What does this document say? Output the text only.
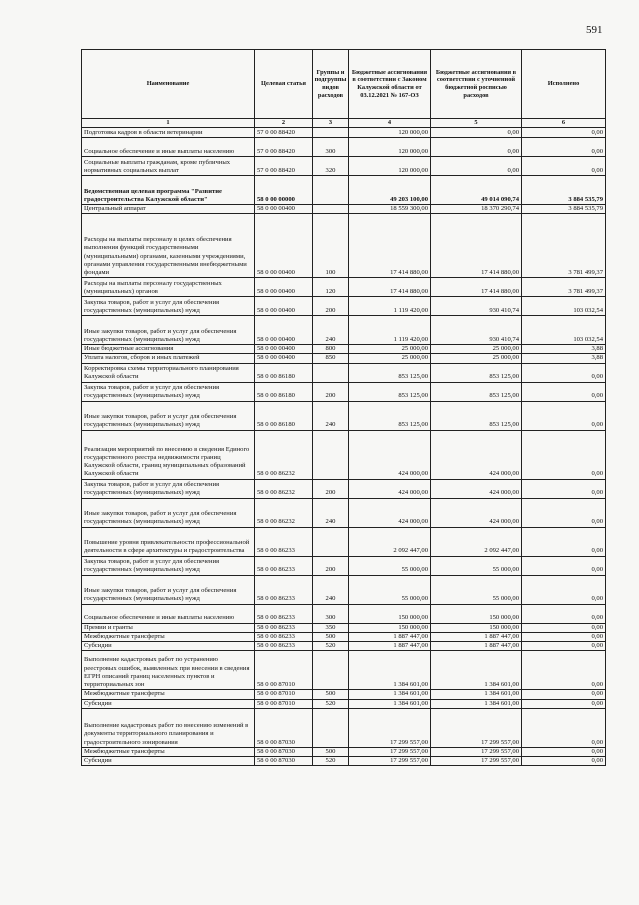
591
Наименование	Целевая статья	Группы и подгруппы видов расходов	Бюджетные ассигнования в соответствии с Законом Калужской области от 03.12.2021 № 167-ОЗ	Бюджетные ассигнования в соответствии с уточненной бюджетной росписью расходов	Исполнено
1	2	3	4	5	6
Подготовка кадров в области ветеринарии	57 0 00 88420		120 000,00	0,00	0,00
Социальное обеспечение и иные выплаты населению	57 0 00 88420	300	120 000,00	0,00	0,00
Социальные выплаты гражданам, кроме публичных нормативных социальных выплат	57 0 00 88420	320	120 000,00	0,00	0,00
Ведомственная целевая программа "Развитие градостроительства Калужской области"	58 0 00 00000		49 203 100,00	49 014 090,74	3 884 535,79
Центральный аппарат	58 0 00 00400		18 559 300,00	18 370 290,74	3 884 535,79
Расходы на выплаты персоналу в целях обеспечения выполнения функций государственными (муниципальными) органами, казенными учреждениями, органами управления государственными внебюджетными фондами	58 0 00 00400	100	17 414 880,00	17 414 880,00	3 781 499,37
Расходы на выплаты персоналу государственных (муниципальных) органов	58 0 00 00400	120	17 414 880,00	17 414 880,00	3 781 499,37
Закупка товаров, работ и услуг для обеспечения государственных (муниципальных) нужд	58 0 00 00400	200	1 119 420,00	930 410,74	103 032,54
Иные закупки товаров, работ и услуг для обеспечения государственных (муниципальных) нужд	58 0 00 00400	240	1 119 420,00	930 410,74	103 032,54
Иные бюджетные ассигнования	58 0 00 00400	800	25 000,00	25 000,00	3,88
Уплата налогов, сборов и иных платежей	58 0 00 00400	850	25 000,00	25 000,00	3,88
Корректировка схемы территориального планирования Калужской области	58 0 00 86180		853 125,00	853 125,00	0,00
Закупка товаров, работ и услуг для обеспечения государственных (муниципальных) нужд	58 0 00 86180	200	853 125,00	853 125,00	0,00
Иные закупки товаров, работ и услуг для обеспечения государственных (муниципальных) нужд	58 0 00 86180	240	853 125,00	853 125,00	0,00
Реализация мероприятий по внесению в сведения Единого государственного реестра недвижимости границ Калужской области, границ муниципальных образований Калужской области	58 0 00 86232		424 000,00	424 000,00	0,00
Закупка товаров, работ и услуг для обеспечения государственных (муниципальных) нужд	58 0 00 86232	200	424 000,00	424 000,00	0,00
Иные закупки товаров, работ и услуг для обеспечения государственных (муниципальных) нужд	58 0 00 86232	240	424 000,00	424 000,00	0,00
Повышение уровня привлекательности профессиональной деятельности в сфере архитектуры и градостроительства	58 0 00 86233		2 092 447,00	2 092 447,00	0,00
Закупка товаров, работ и услуг для обеспечения государственных (муниципальных) нужд	58 0 00 86233	200	55 000,00	55 000,00	0,00
Иные закупки товаров, работ и услуг для обеспечения государственных (муниципальных) нужд	58 0 00 86233	240	55 000,00	55 000,00	0,00
Социальное обеспечение и иные выплаты населению	58 0 00 86233	300	150 000,00	150 000,00	0,00
Премии и гранты	58 0 00 86233	350	150 000,00	150 000,00	0,00
Межбюджетные трансферты	58 0 00 86233	500	1 887 447,00	1 887 447,00	0,00
Субсидии	58 0 00 86233	520	1 887 447,00	1 887 447,00	0,00
Выполнение кадастровых работ по устранению реестровых ошибок, выявленных при внесении в сведения ЕГРН описаний границ населенных пунктов и территориальных зон	58 0 00 87010		1 384 601,00	1 384 601,00	0,00
Межбюджетные трансферты	58 0 00 87010	500	1 384 601,00	1 384 601,00	0,00
Субсидии	58 0 00 87010	520	1 384 601,00	1 384 601,00	0,00
Выполнение кадастровых работ по внесению изменений в документы территориального планирования и градостроительного зонирования	58 0 00 87030		17 299 557,00	17 299 557,00	0,00
Межбюджетные трансферты	58 0 00 87030	500	17 299 557,00	17 299 557,00	0,00
Субсидии	58 0 00 87030	520	17 299 557,00	17 299 557,00	0,00
